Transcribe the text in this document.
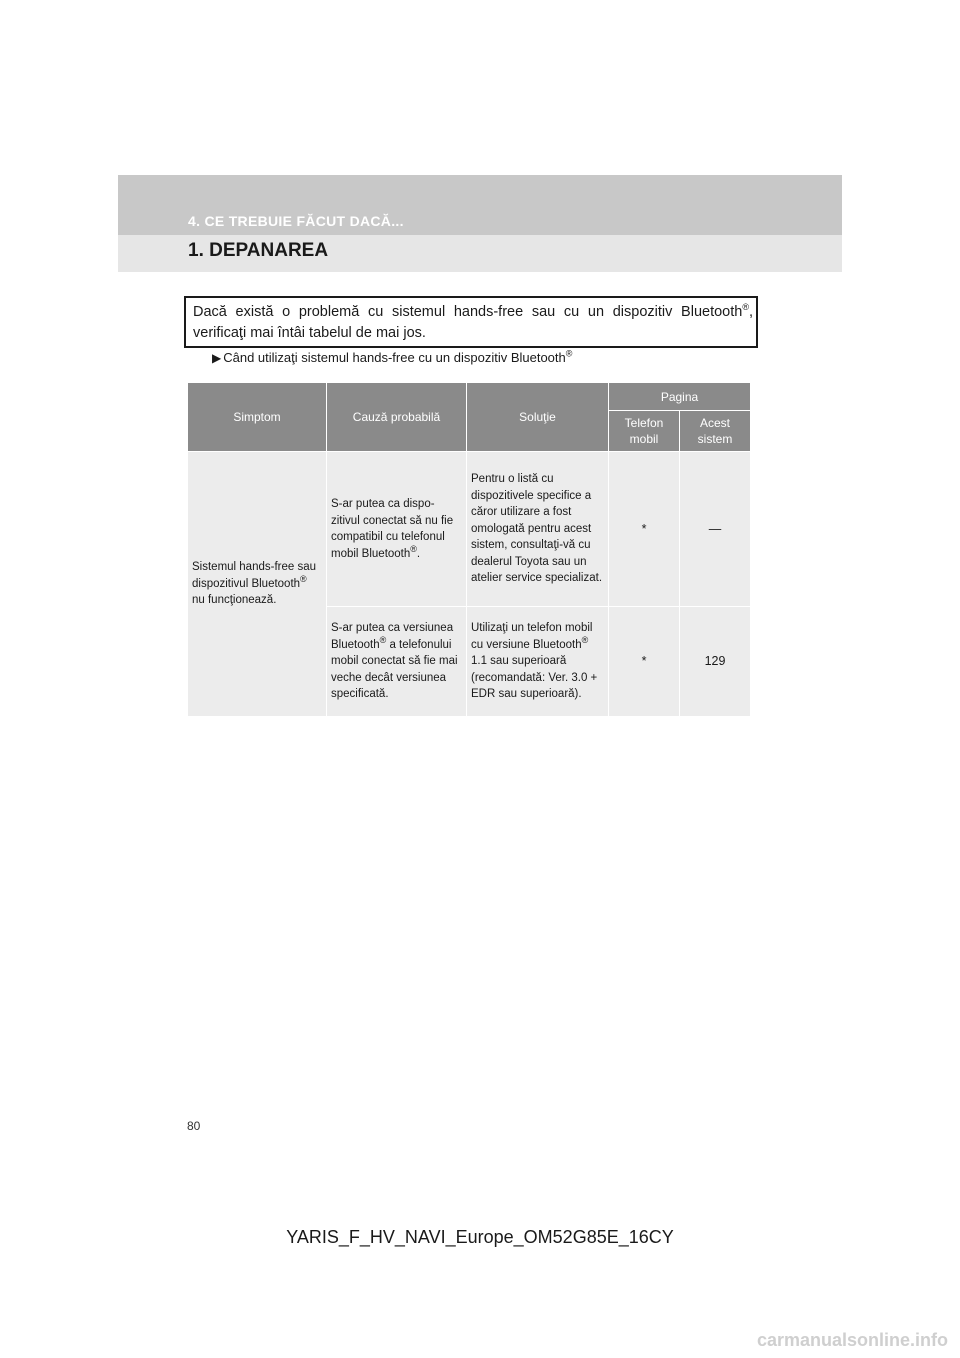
4. CE TREBUIE FĂCUT DACĂ...
1. DEPANAREA
Dacă există o problemă cu sistemul hands-free sau cu un dispozitiv Bluetooth®, verificaţi mai întâi tabelul de mai jos.
▶ Când utilizaţi sistemul hands-free cu un dispozitiv Bluetooth®
Simptom	Cauză probabilă	Soluţie	Pagina	
			Telefon mobil	Acest sistem
Sistemul hands-free sau dispozitivul Bluetooth® nu funcţionează.	S-ar putea ca dispo-zitivul conectat să nu fie compatibil cu telefonul mobil Bluetooth®.	Pentru o listă cu dispozitivele specifice a căror utilizare a fost omologată pentru acest sistem, consultaţi-vă cu dealerul Toyota sau un atelier service specializat.	*	—
	S-ar putea ca versiunea Bluetooth® a telefonului mobil conectat să fie mai veche decât versiunea specificată.	Utilizaţi un telefon mobil cu versiune Bluetooth® 1.1 sau superioară (recomandată: Ver. 3.0 + EDR sau superioară).	*	129
80
YARIS_F_HV_NAVI_Europe_OM52G85E_16CY
carmanualsonline.info
